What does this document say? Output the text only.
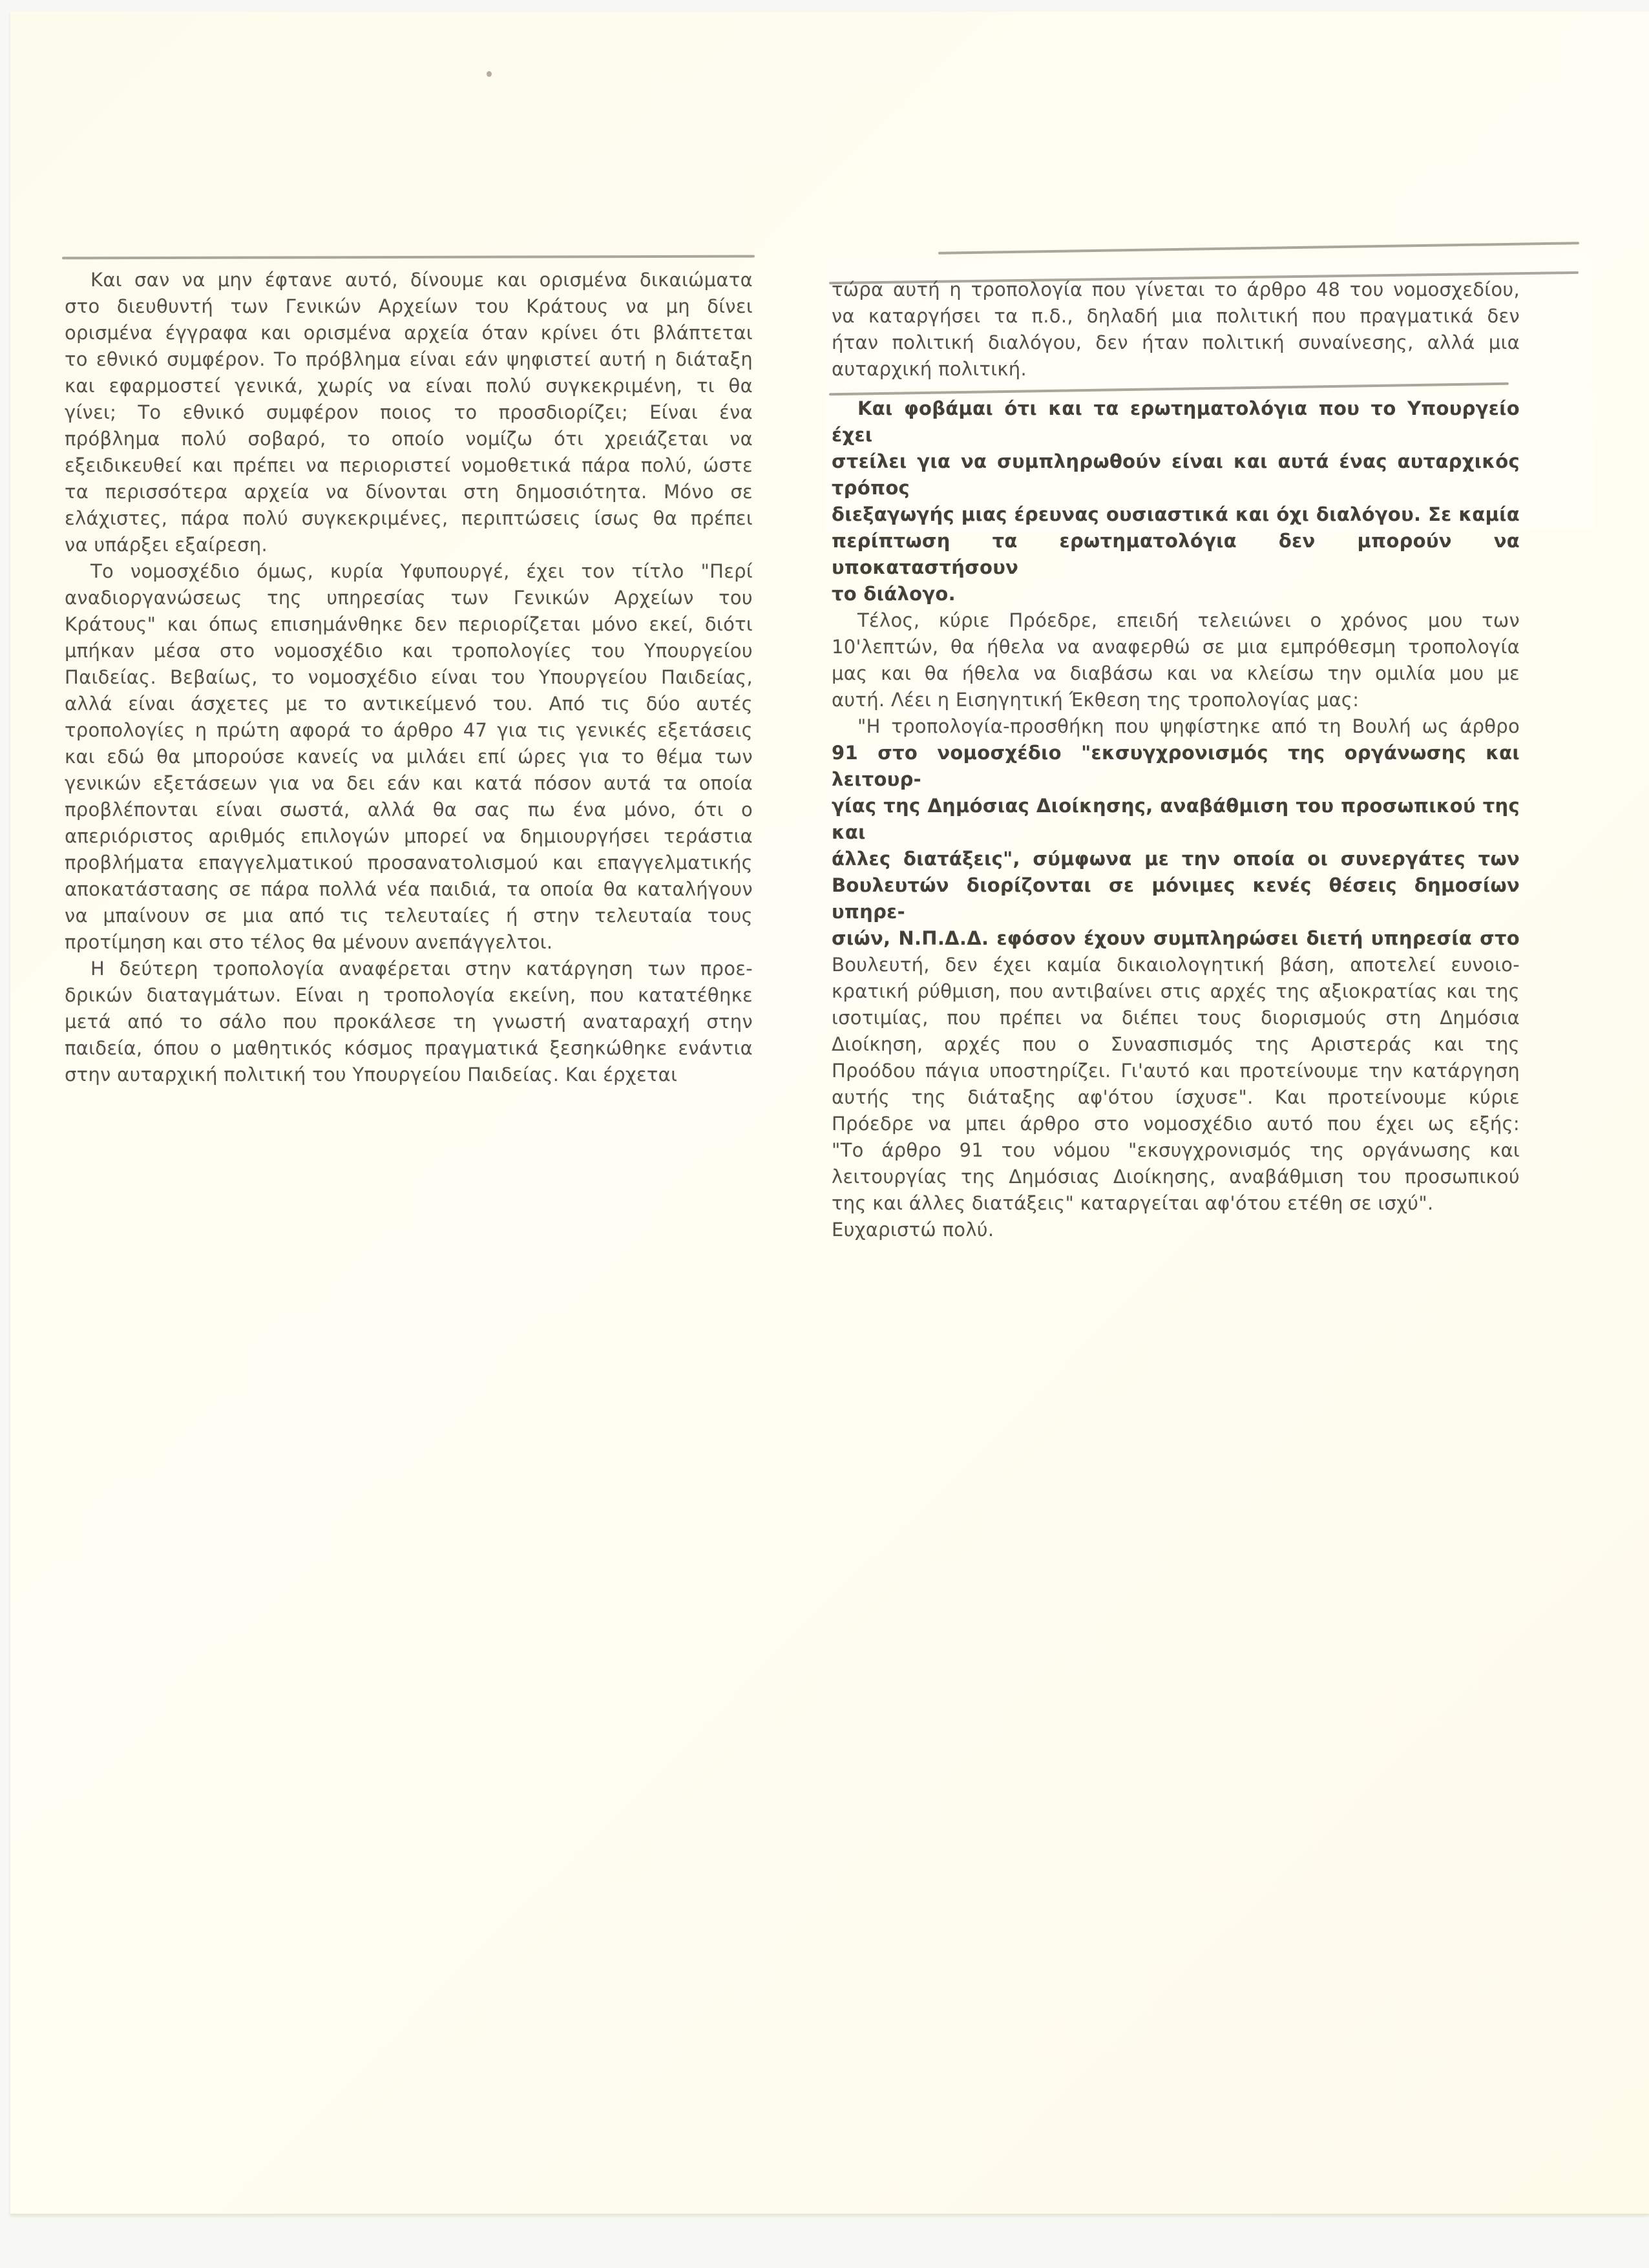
Και σαν να μην έφτανε αυτό, δίνουμε και ορισμένα δικαιώματα
στο διευθυντή των Γενικών Αρχείων του Κράτους να μη δίνει
ορισμένα έγγραφα και ορισμένα αρχεία όταν κρίνει ότι βλάπτεται
το εθνικό συμφέρον. Το πρόβλημα είναι εάν ψηφιστεί αυτή η διάταξη
και εφαρμοστεί γενικά, χωρίς να είναι πολύ συγκεκριμένη, τι θα
γίνει; Το εθνικό συμφέρον ποιος το προσδιορίζει; Είναι ένα
πρόβλημα πολύ σοβαρό, το οποίο νομίζω ότι χρειάζεται να
εξειδικευθεί και πρέπει να περιοριστεί νομοθετικά πάρα πολύ, ώστε
τα περισσότερα αρχεία να δίνονται στη δημοσιότητα. Μόνο σε
ελάχιστες, πάρα πολύ συγκεκριμένες, περιπτώσεις ίσως θα πρέπει
να υπάρξει εξαίρεση.
Το νομοσχέδιο όμως, κυρία Υφυπουργέ, έχει τον τίτλο "Περί
αναδιοργανώσεως της υπηρεσίας των Γενικών Αρχείων του
Κράτους" και όπως επισημάνθηκε δεν περιορίζεται μόνο εκεί, διότι
μπήκαν μέσα στο νομοσχέδιο και τροπολογίες του Υπουργείου
Παιδείας. Βεβαίως, το νομοσχέδιο είναι του Υπουργείου Παιδείας,
αλλά είναι άσχετες με το αντικείμενό του. Από τις δύο αυτές
τροπολογίες η πρώτη αφορά το άρθρο 47 για τις γενικές εξετάσεις
και εδώ θα μπορούσε κανείς να μιλάει επί ώρες για το θέμα των
γενικών εξετάσεων για να δει εάν και κατά πόσον αυτά τα οποία
προβλέπονται είναι σωστά, αλλά θα σας πω ένα μόνο, ότι ο
απεριόριστος αριθμός επιλογών μπορεί να δημιουργήσει τεράστια
προβλήματα επαγγελματικού προσανατολισμού και επαγγελματικής
αποκατάστασης σε πάρα πολλά νέα παιδιά, τα οποία θα καταλήγουν
να μπαίνουν σε μια από τις τελευταίες ή στην τελευταία τους
προτίμηση και στο τέλος θα μένουν ανεπάγγελτοι.
Η δεύτερη τροπολογία αναφέρεται στην κατάργηση των προε-
δρικών διαταγμάτων. Είναι η τροπολογία εκείνη, που κατατέθηκε
μετά από το σάλο που προκάλεσε τη γνωστή αναταραχή στην
παιδεία, όπου ο μαθητικός κόσμος πραγματικά ξεσηκώθηκε ενάντια
στην αυταρχική πολιτική του Υπουργείου Παιδείας. Και έρχεται
τώρα αυτή η τροπολογία που γίνεται το άρθρο 48 του νομοσχεδίου,
να καταργήσει τα π.δ., δηλαδή μια πολιτική που πραγματικά δεν
ήταν πολιτική διαλόγου, δεν ήταν πολιτική συναίνεσης, αλλά μια
αυταρχική πολιτική.
Και φοβάμαι ότι και τα ερωτηματολόγια που το Υπουργείο έχει
στείλει για να συμπληρωθούν είναι και αυτά ένας αυταρχικός τρόπος
διεξαγωγής μιας έρευνας ουσιαστικά και όχι διαλόγου. Σε καμία
περίπτωση τα ερωτηματολόγια δεν μπορούν να υποκαταστήσουν
το διάλογο.
Τέλος, κύριε Πρόεδρε, επειδή τελειώνει ο χρόνος μου των
10'λεπτών, θα ήθελα να αναφερθώ σε μια εμπρόθεσμη τροπολογία
μας και θα ήθελα να διαβάσω και να κλείσω την ομιλία μου με
αυτή. Λέει η Εισηγητική Έκθεση της τροπολογίας μας:
"Η τροπολογία-προσθήκη που ψηφίστηκε από τη Βουλή ως άρθρο
91 στο νομοσχέδιο "εκσυγχρονισμός της οργάνωσης και λειτουρ-
γίας της Δημόσιας Διοίκησης, αναβάθμιση του προσωπικού της και
άλλες διατάξεις", σύμφωνα με την οποία οι συνεργάτες των
Βουλευτών διορίζονται σε μόνιμες κενές θέσεις δημοσίων υπηρε-
σιών, Ν.Π.Δ.Δ. εφόσον έχουν συμπληρώσει διετή υπηρεσία στο
Βουλευτή, δεν έχει καμία δικαιολογητική βάση, αποτελεί ευνοιο-
κρατική ρύθμιση, που αντιβαίνει στις αρχές της αξιοκρατίας και της
ισοτιμίας, που πρέπει να διέπει τους διορισμούς στη Δημόσια
Διοίκηση, αρχές που ο Συνασπισμός της Αριστεράς και της
Προόδου πάγια υποστηρίζει. Γι'αυτό και προτείνουμε την κατάργηση
αυτής της διάταξης αφ'ότου ίσχυσε". Και προτείνουμε κύριε
Πρόεδρε να μπει άρθρο στο νομοσχέδιο αυτό που έχει ως εξής:
"Το άρθρο 91 του νόμου "εκσυγχρονισμός της οργάνωσης και
λειτουργίας της Δημόσιας Διοίκησης, αναβάθμιση του προσωπικού
της και άλλες διατάξεις" καταργείται αφ'ότου ετέθη σε ισχύ".
Ευχαριστώ πολύ.
